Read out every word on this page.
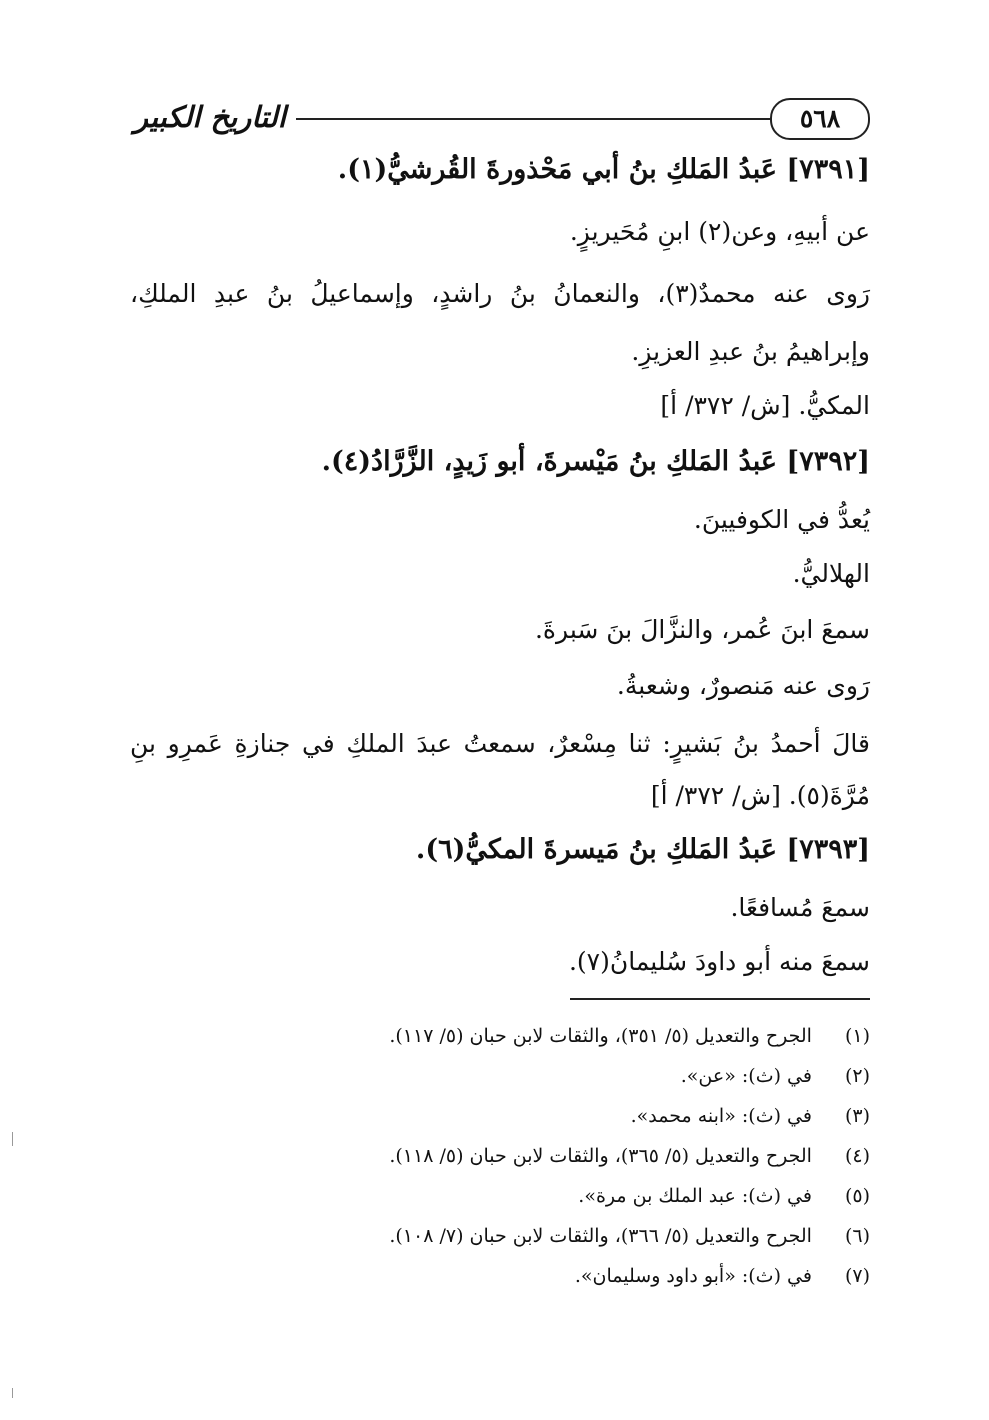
التاريخ الكبير	٥٦٨
[٧٣٩١] عَبدُ المَلكِ بنُ أبي مَحْذورةَ القُرشيُّ(١).
عن أبيهِ، وعن(٢) ابنِ مُحَيريزٍ.
رَوى عنه محمدٌ(٣)، والنعمانُ بنُ راشدٍ، وإسماعيلُ بنُ عبدِ الملكِ،
وإبراهيمُ بنُ عبدِ العزيزِ.
المكيُّ. [ش/ ٣٧٢/ أ]
[٧٣٩٢] عَبدُ المَلكِ بنُ مَيْسرةَ، أبو زَيدٍ، الزَّرَّادُ(٤).
يُعدُّ في الكوفيينَ.
الهلاليُّ.
سمعَ ابنَ عُمر، والنزَّالَ بنَ سَبرةَ.
رَوى عنه مَنصورٌ، وشعبةُ.
قالَ أحمدُ بنُ بَشيرٍ: ثنا مِسْعرٌ، سمعتُ عبدَ الملكِ في جنازةِ عَمرِو بنِ
مُرَّةَ(٥). [ش/ ٣٧٢/ أ]
[٧٣٩٣] عَبدُ المَلكِ بنُ مَيسرةَ المكيُّ(٦).
سمعَ مُسافعًا.
سمعَ منه أبو داودَ سُليمانُ(٧).
(١) الجرح والتعديل (٥/ ٣٥١)، والثقات لابن حبان (٥/ ١١٧).
(٢) في (ث): «عن».
(٣) في (ث): «ابنه محمد».
(٤) الجرح والتعديل (٥/ ٣٦٥)، والثقات لابن حبان (٥/ ١١٨).
(٥) في (ث): عبد الملك بن مرة».
(٦) الجرح والتعديل (٥/ ٣٦٦)، والثقات لابن حبان (٧/ ١٠٨).
(٧) في (ث): «أبو داود وسليمان».
